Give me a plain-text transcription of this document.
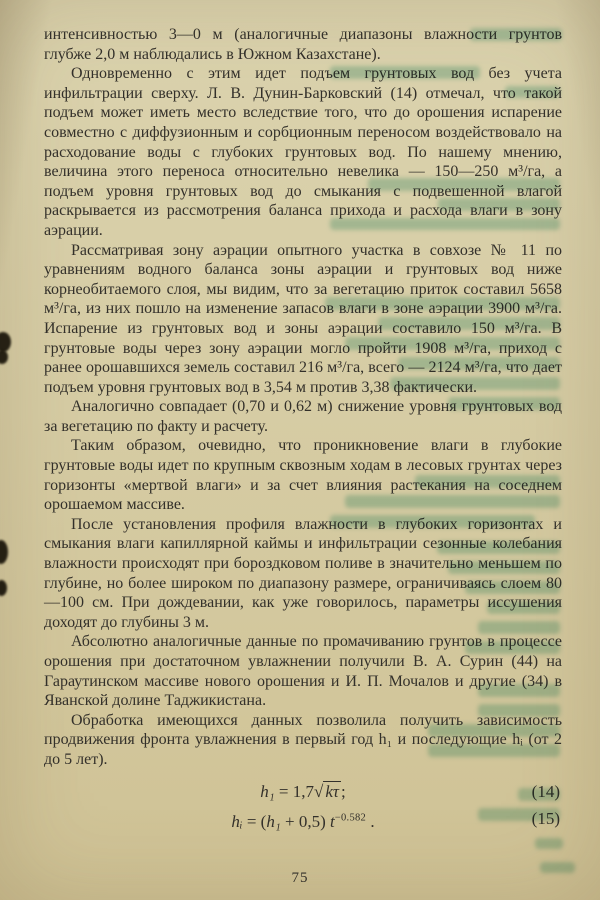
интенсивностью 3—0 м (аналогичные диапазоны влажности грунтов глубже 2,0 м наблюдались в Южном Казахстане).

Одновременно с этим идет подъем грунтовых вод без учета инфильтрации сверху. Л. В. Дунин-Барковский (14) отмечал, что такой подъем может иметь место вследствие того, что до орошения испарение совместно с диффузионным и сорбционным переносом воздействовало на расходование воды с глубоких грунтовых вод. По нашему мнению, величина этого переноса относительно невелика — 150—250 м³/га, а подъем уровня грунтовых вод до смыкания с подвешенной влагой раскрывается из рассмотрения баланса прихода и расхода влаги в зону аэрации.

Рассматривая зону аэрации опытного участка в совхозе № 11 по уравнениям водного баланса зоны аэрации и грунтовых вод ниже корнеобитаемого слоя, мы видим, что за вегетацию приток составил 5658 м³/га, из них пошло на изменение запасов влаги в зоне аэрации 3900 м³/га. Испарение из грунтовых вод и зоны аэрации составило 150 м³/га. В грунтовые воды через зону аэрации могло пройти 1908 м³/га, приход с ранее орошавшихся земель составил 216 м³/га, всего — 2124 м³/га, что дает подъем уровня грунтовых вод в 3,54 м против 3,38 фактически.

Аналогично совпадает (0,70 и 0,62 м) снижение уровня грунтовых вод за вегетацию по факту и расчету.

Таким образом, очевидно, что проникновение влаги в глубокие грунтовые воды идет по крупным сквозным ходам в лесовых грунтах через горизонты «мертвой влаги» и за счет влияния растекания на соседнем орошаемом массиве.

После установления профиля влажности в глубоких горизонтах и смыкания влаги капиллярной каймы и инфильтрации сезонные колебания влажности происходят при бороздковом поливе в значительно меньшем по глубине, но более широком по диапазону размере, ограничиваясь слоем 80—100 см. При дождевании, как уже говорилось, параметры иссушения доходят до глубины 3 м.

Абсолютно аналогичные данные по промачиванию грунтов в процессе орошения при достаточном увлажнении получили В. А. Сурин (44) на Гараутинском массиве нового орошения и И. П. Мочалов и другие (34) в Яванской долине Таджикистана.

Обработка имеющихся данных позволила получить зависимость продвижения фронта увлажнения в первый год h₁ и последующие hᵢ (от 2 до 5 лет).

h₁ = 1,7√ kτ ;	(14)
hᵢ = (h₁ + 0,5) $t^{-0.582}$ .	(15)
75
